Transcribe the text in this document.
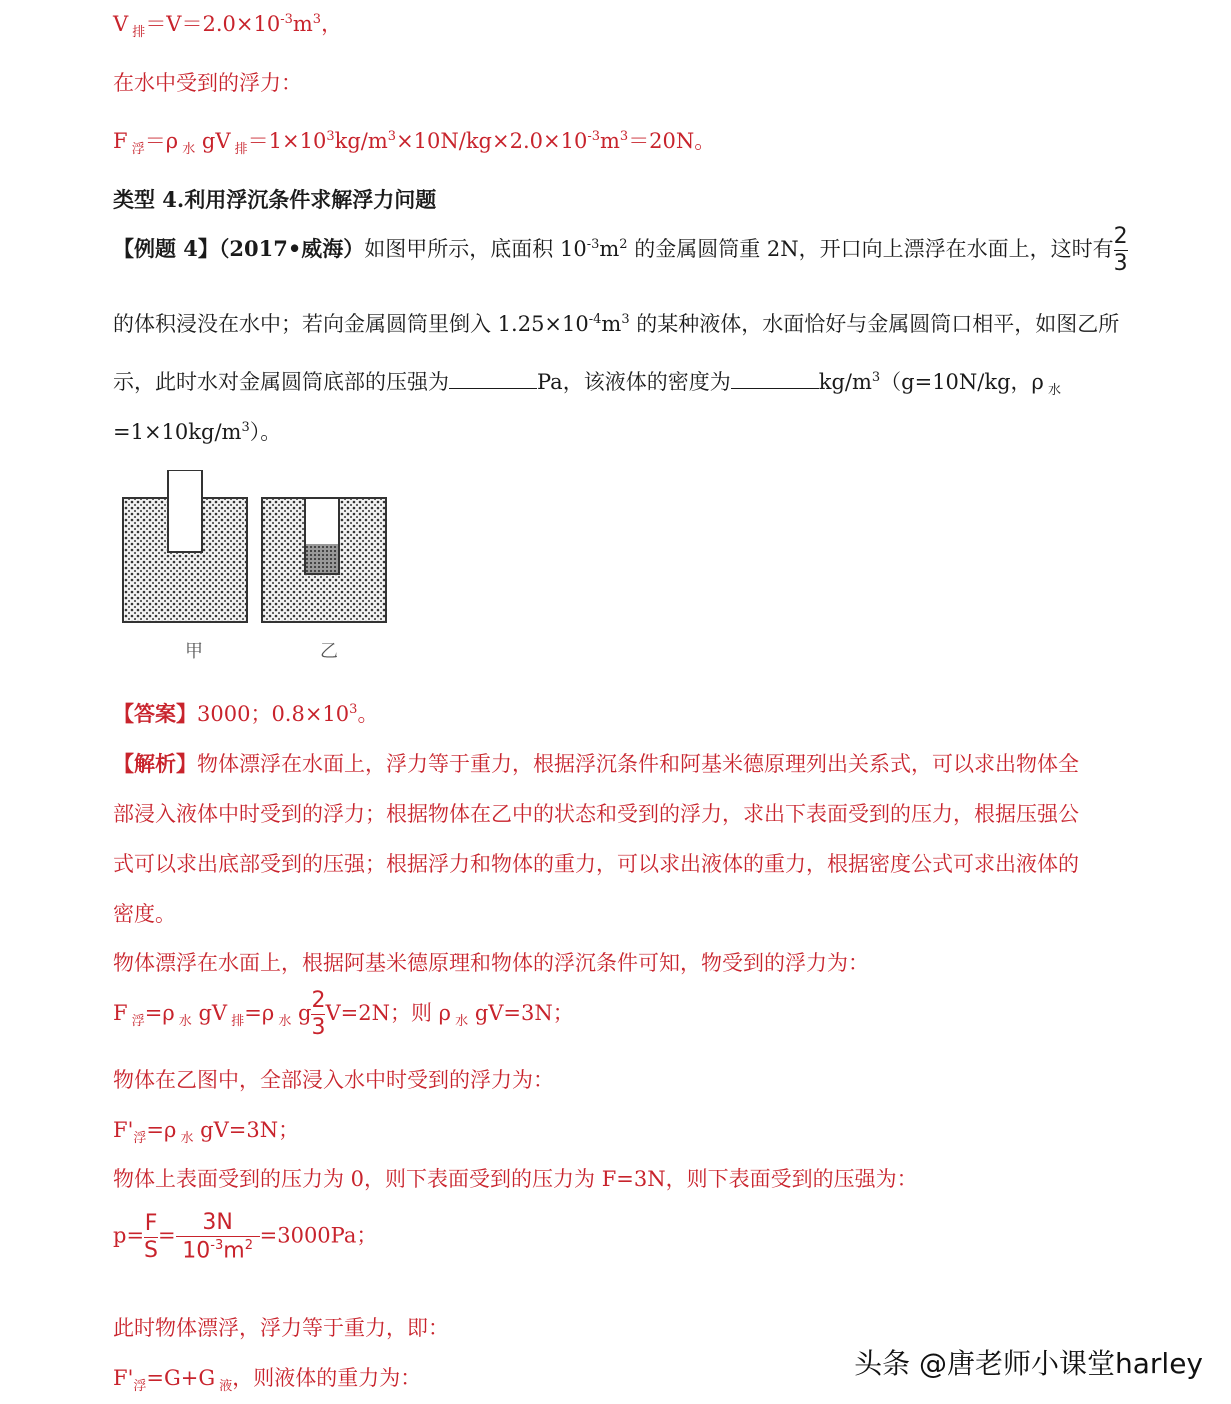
V $_排=V=2.0\times 10^{-3}m^3$，
在水中受到的浮力：
F $_浮$＝ρ $_水$ gV $_排=1\times 10^3kg/m^3\times 10N/kg\times 2.0\times 10^{-3}m^3=20N$。
类型 4.利用浮沉条件求解浮力问题
【例题 4】（2017•威海）如图甲所示，底面积 $10^{-3}m^2$ 的金属圆筒重 2N，开口向上漂浮在水面上，这时有 $\frac{2}{3}$
的体积浸没在水中；若向金属圆筒里倒入 $1.25\times 10^{-4}m^3$ 的某种液体，水面恰好与金属圆筒口相平，如图乙所
示，此时水对金属圆筒底部的压强为	Pa，该液体的密度为	$kg/m^3(g=10N/kg$，ρ $_水$
$=1\times 10kg/m^3$）。
甲	乙
【答案】3000；$0.8\times 10^3$。
【解析】物体漂浮在水面上，浮力等于重力，根据浮沉条件和阿基米德原理列出关系式，可以求出物体全
部浸入液体中时受到的浮力；根据物体在乙中的状态和受到的浮力，求出下表面受到的压力，根据压强公
式可以求出底部受到的压强；根据浮力和物体的重力，可以求出液体的重力，根据密度公式可求出液体的
密度。
物体漂浮在水面上，根据阿基米德原理和物体的浮沉条件可知，物受到的浮力为：
F $_浮$=ρ $_水$ gV $_排$=ρ $_水$ g $\frac{2}{3} V=2N$；则 ρ $_水$ gV=3N；
物体在乙图中，全部浸入水中时受到的浮力为：
$F'_浮=\rho$ $_水$ gV=3N；
物体上表面受到的压力为 0，则下表面受到的压力为 F=3N，则下表面受到的压强为：
$p= \frac{F}{S} = \frac{3N}{10^{-3}m^2} =3000Pa$；
此时物体漂浮，浮力等于重力，即：
$F'_浮=G+G$ $_液$，则液体的重力为：	头条 @唐老师小课堂harley
